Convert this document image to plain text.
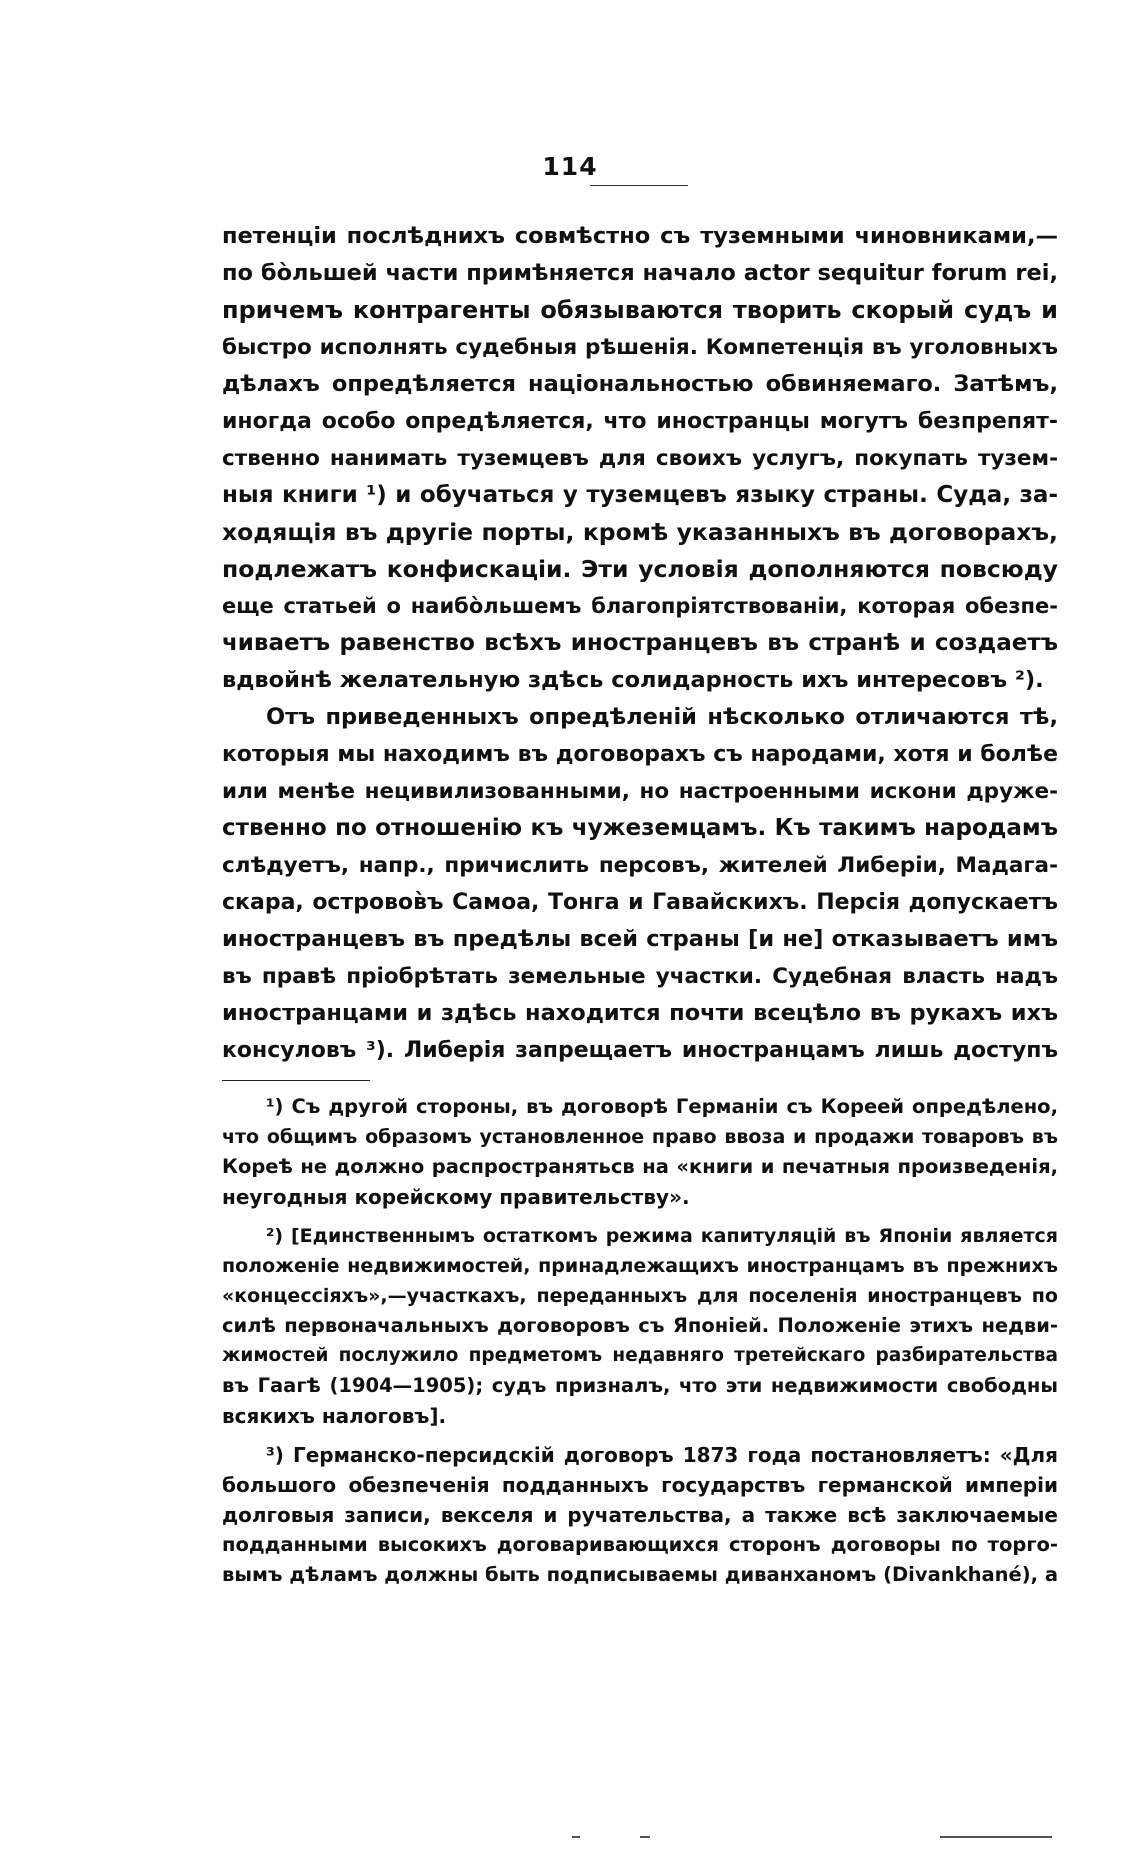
114
петенціи послѣднихъ совмѣстно съ туземными чиновниками,—
по бо̀льшей части примѣняется начало actor sequitur forum rei,
причемъ контрагенты обязываются творить скорый судъ и
быстро исполнять судебныя рѣшенія. Компетенція въ уголовныхъ
дѣлахъ опредѣляется національностью обвиняемаго. Затѣмъ,
иногда особо опредѣляется, что иностранцы могутъ безпрепят-
ственно нанимать туземцевъ для своихъ услугъ, покупать тузем-
ныя книги ¹) и обучаться у туземцевъ языку страны. Суда, за-
ходящія въ другіе порты, кромѣ указанныхъ въ договорахъ,
подлежатъ конфискаціи. Эти условія дополняются повсюду
еще статьей о наибо̀льшемъ благопріятствованіи, которая обезпе-
чиваетъ равенство всѣхъ иностранцевъ въ странѣ и создаетъ
вдвойнѣ желательную здѣсь солидарность ихъ интересовъ ²).
Отъ приведенныхъ опредѣленій нѣсколько отличаются тѣ,
которыя мы находимъ въ договорахъ съ народами, хотя и болѣе
или менѣе нецивилизованными, но настроенными искони друже-
ственно по отношенію къ чужеземцамъ. Къ такимъ народамъ
слѣдуетъ, напр., причислить персовъ, жителей Либеріи, Мадага-
скара, островов̀ъ Самоа, Тонга и Гавайскихъ. Персія допускаетъ
иностранцевъ въ предѣлы всей страны [и не] отказываетъ имъ
въ правѣ пріобрѣтать земельные участки. Судебная власть надъ
иностранцами и здѣсь находится почти всецѣло въ рукахъ ихъ
консуловъ ³). Либерія запрещаетъ иностранцамъ лишь доступъ
¹) Съ другой стороны, въ договорѣ Германіи съ Кореей опредѣлено,
что общимъ образомъ установленное право ввоза и продажи товаровъ въ
Кореѣ не должно распространятьсв на «книги и печатныя произведенія,
неугодныя корейскому правительству».
²) [Единственнымъ остаткомъ режима капитуляцій въ Японіи является
положеніе недвижимостей, принадлежащихъ иностранцамъ въ прежнихъ
«концессіяхъ»,—участкахъ, переданныхъ для поселенія иностранцевъ по
силѣ первоначальныхъ договоровъ съ Японіей. Положеніе этихъ недви-
жимостей послужило предметомъ недавняго третейскаго разбирательства
въ Гаагѣ (1904—1905); судъ призналъ, что эти недвижимости свободны
всякихъ налоговъ].
³) Германско-персидскій договоръ 1873 года постановляетъ: «Для
большого обезпеченія подданныхъ государствъ германской имперіи
долговыя записи, векселя и ручательства, а также всѣ заключаемые
подданными высокихъ договаривающихся сторонъ договоры по торго-
вымъ дѣламъ должны быть подписываемы диванханомъ (Divankhané), а
